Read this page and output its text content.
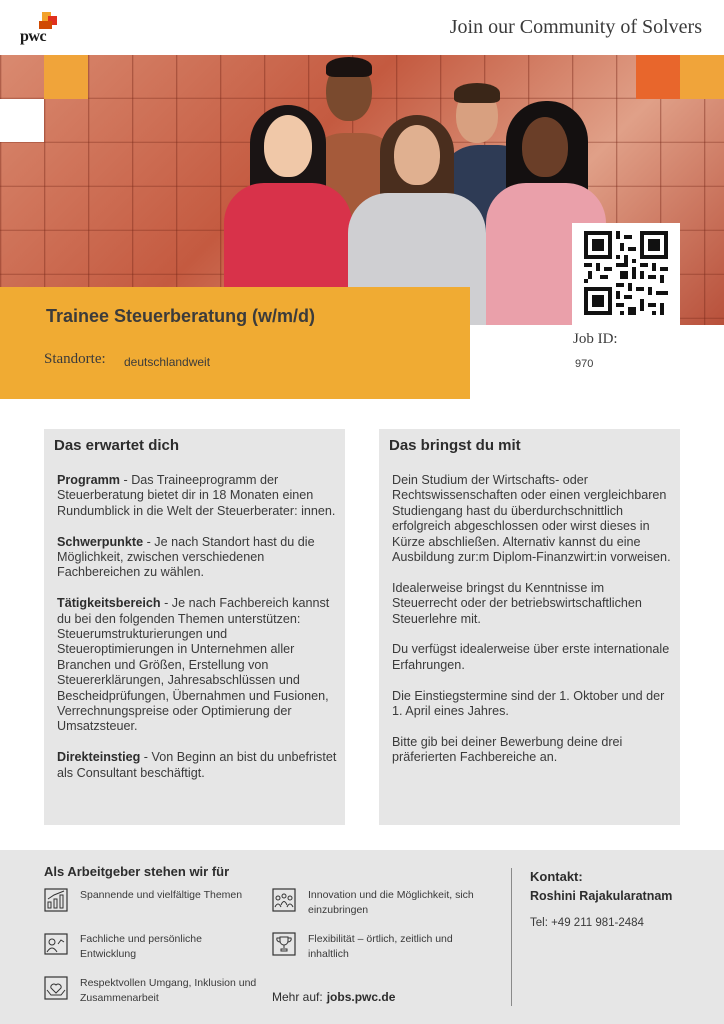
pwc	Join our Community of Solvers
Trainee Steuerberatung (w/m/d)
Standorte: deutschlandweit
Job ID:
970
Das erwartet dich

Programm - Das Traineeprogramm der Steuerberatung bietet dir in 18 Monaten einen Rundumblick in die Welt der Steuerberater: innen.

Schwerpunkte - Je nach Standort hast du die Möglichkeit, zwischen verschiedenen Fachbereichen zu wählen.

Tätigkeitsbereich - Je nach Fachbereich kannst du bei den folgenden Themen unterstützen: Steuerumstrukturierungen und Steueroptimierungen in Unternehmen aller Branchen und Größen, Erstellung von Steuererklärungen, Jahresabschlüssen und Bescheidprüfungen, Übernahmen und Fusionen, Verrechnungspreise oder Optimierung der Umsatzsteuer.

Direkteinstieg - Von Beginn an bist du unbefristet als Consultant beschäftigt.

Das bringst du mit

Dein Studium der Wirtschafts- oder Rechtswissenschaften oder einen vergleichbaren Studiengang hast du überdurchschnittlich erfolgreich abgeschlossen oder wirst dieses in Kürze abschließen. Alternativ kannst du eine Ausbildung zur:m Diplom-Finanzwirt:in vorweisen.

Idealerweise bringst du Kenntnisse im Steuerrecht oder der betriebswirtschaftlichen Steuerlehre mit.

Du verfügst idealerweise über erste internationale Erfahrungen.

Die Einstiegstermine sind der 1. Oktober und der 1. April eines Jahres.

Bitte gib bei deiner Bewerbung deine drei präferierten Fachbereiche an.

Als Arbeitgeber stehen wir für
Spannende und vielfältige Themen
Fachliche und persönliche Entwicklung
Respektvollen Umgang, Inklusion und Zusammenarbeit
Innovation und die Möglichkeit, sich einzubringen
Flexibilität – örtlich, zeitlich und inhaltlich
Mehr auf: jobs.pwc.de
Kontakt:
Roshini Rajakularatnam
Tel: +49 211 981-2484
